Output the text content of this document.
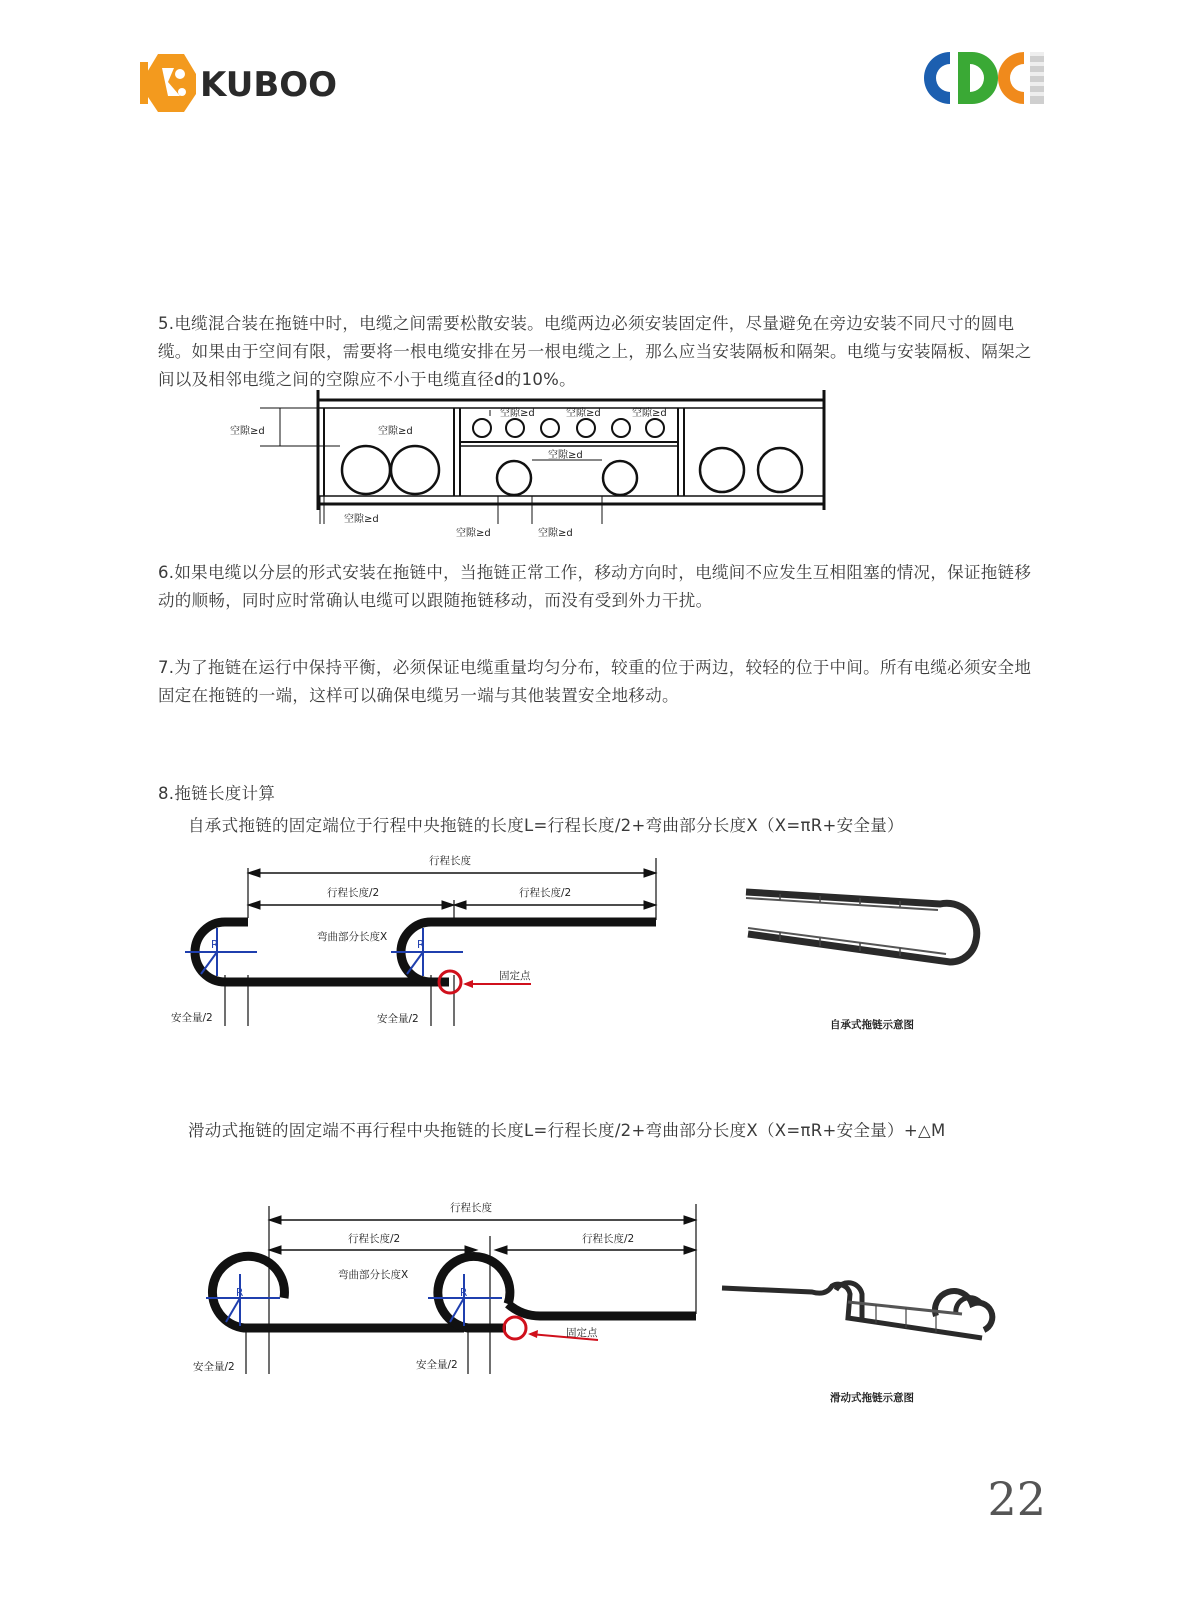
KUBOO
5.电缆混合装在拖链中时，电缆之间需要松散安装。电缆两边必须安装固定件，尽量避免在旁边安装不同尺寸的圆电缆。如果由于空间有限，需要将一根电缆安排在另一根电缆之上，那么应当安装隔板和隔架。电缆与安装隔板、隔架之间以及相邻电缆之间的空隙应不小于电缆直径d的10%。
空隙≥d	空隙≥d
空隙≥d	空隙≥d	空隙≥d
空隙≥d
空隙≥d
空隙≥d	空隙≥d
6.如果电缆以分层的形式安装在拖链中，当拖链正常工作，移动方向时，电缆间不应发生互相阻塞的情况，保证拖链移动的顺畅，同时应时常确认电缆可以跟随拖链移动，而没有受到外力干扰。
7.为了拖链在运行中保持平衡，必须保证电缆重量均匀分布，较重的位于两边，较轻的位于中间。所有电缆必须安全地固定在拖链的一端，这样可以确保电缆另一端与其他装置安全地移动。
8.拖链长度计算
自承式拖链的固定端位于行程中央拖链的长度L=行程长度/2+弯曲部分长度X（X=πR+安全量）
行程长度
行程长度/2	行程长度/2
弯曲部分长度X
R	R
固定点
安全量/2	安全量/2	自承式拖链示意图
滑动式拖链的固定端不再行程中央拖链的长度L=行程长度/2+弯曲部分长度X（X=πR+安全量）+△M
行程长度
行程长度/2	行程长度/2
弯曲部分长度X
R	R
固定点
安全量/2	安全量/2
滑动式拖链示意图
22
